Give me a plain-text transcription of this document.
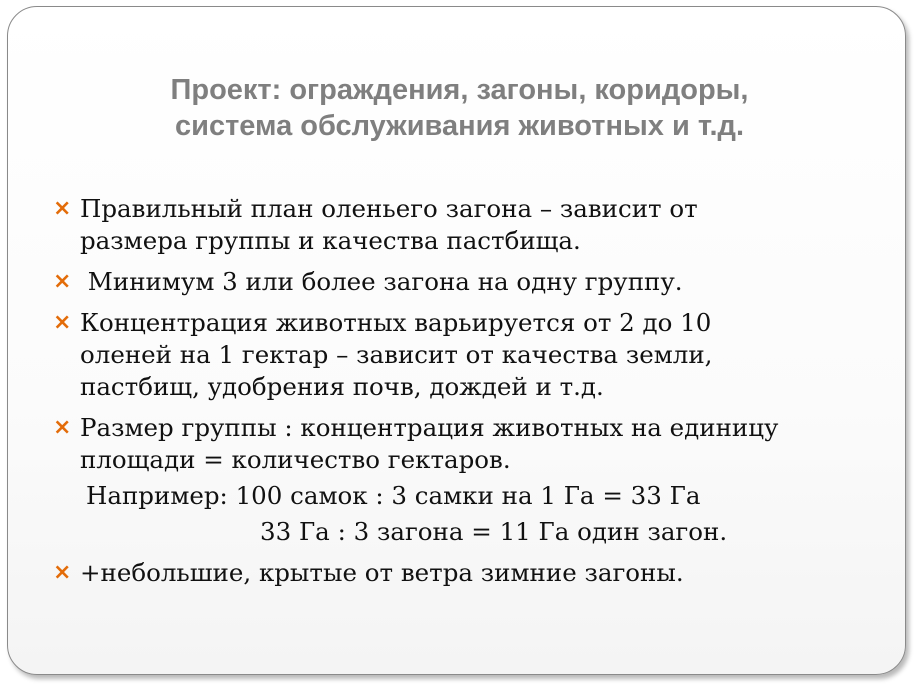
Проект: ограждения, загоны, коридоры,
система обслуживания животных и т.д.
× Правильный план оленьего загона – зависит от
размера группы и качества пастбища.
× Минимум 3 или более загона на одну группу.
× Концентрация животных варьируется от 2 до 10
оленей на 1 гектар – зависит от качества земли,
пастбищ, удобрения почв, дождей и т.д.
× Размер группы : концентрация животных на единицу
площади = количество гектаров.
Например: 100 самок : 3 самки на 1 Га = 33 Га
33 Га : 3 загона = 11 Га один загон.
× +небольшие, крытые от ветра зимние загоны.
